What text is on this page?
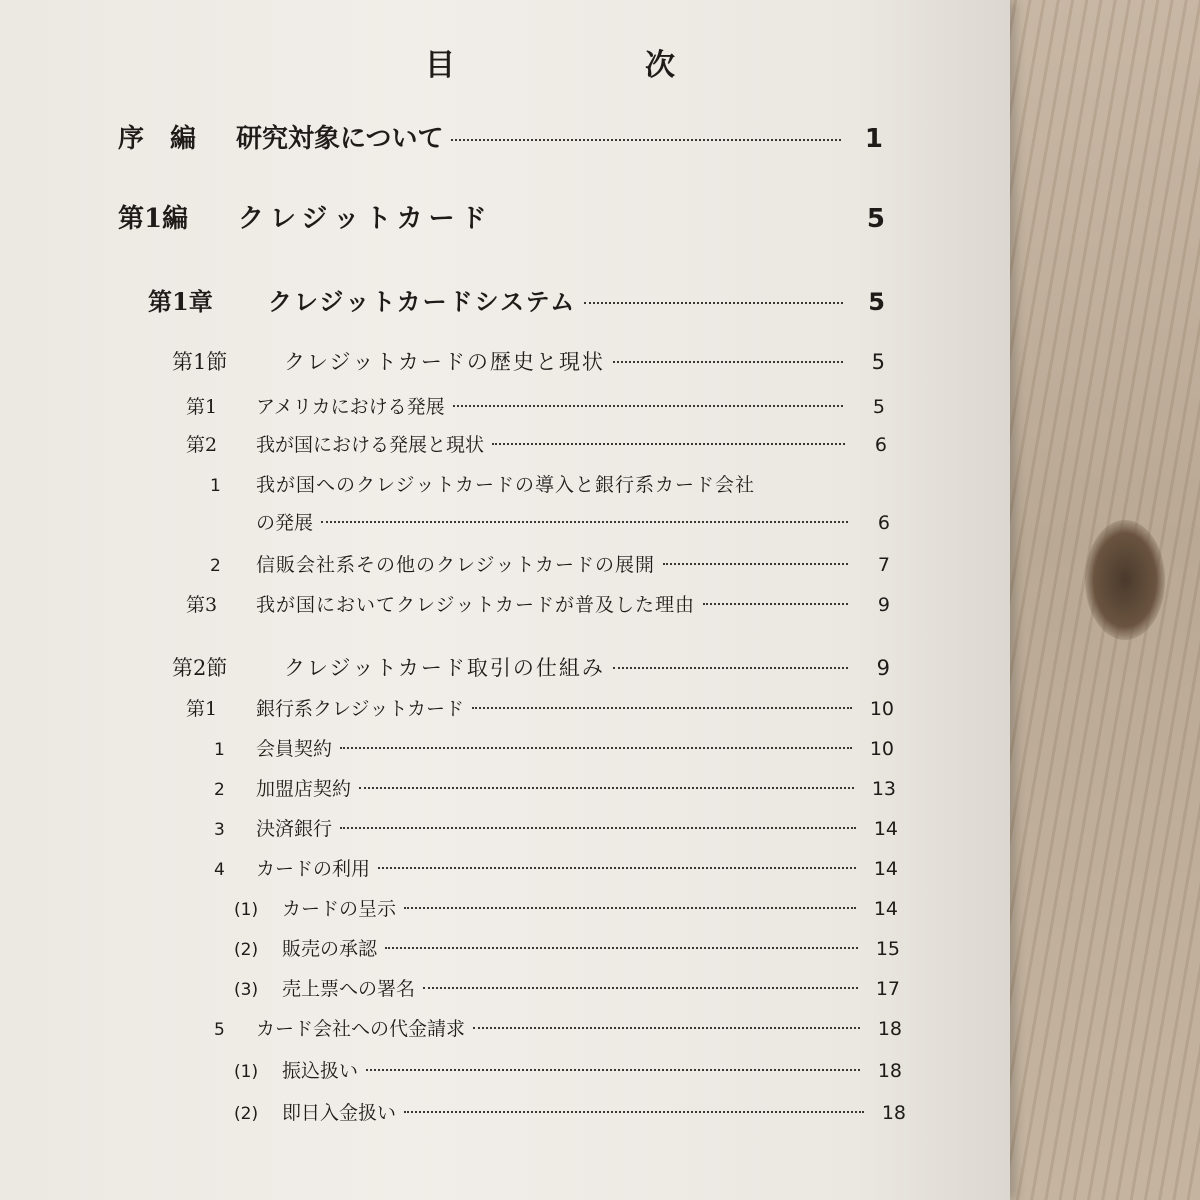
目　次
序　編	研究対象について	1
第1編	クレジットカード	5
第1章	クレジットカードシステム	5
第1節	クレジットカードの歴史と現状	5
第1	アメリカにおける発展	5
第2	我が国における発展と現状	6
1	我が国へのクレジットカードの導入と銀行系カード会社
の発展	6
2	信販会社系その他のクレジットカードの展開	7
第3	我が国においてクレジットカードが普及した理由	9
第2節	クレジットカード取引の仕組み	9
第1	銀行系クレジットカード	10
1	会員契約	10
2	加盟店契約	13
3	決済銀行	14
4	カードの利用	14
(1)	カードの呈示	14
(2)	販売の承認	15
(3)	売上票への署名	17
5	カード会社への代金請求	18
(1)	振込扱い	18
(2)	即日入金扱い	18
